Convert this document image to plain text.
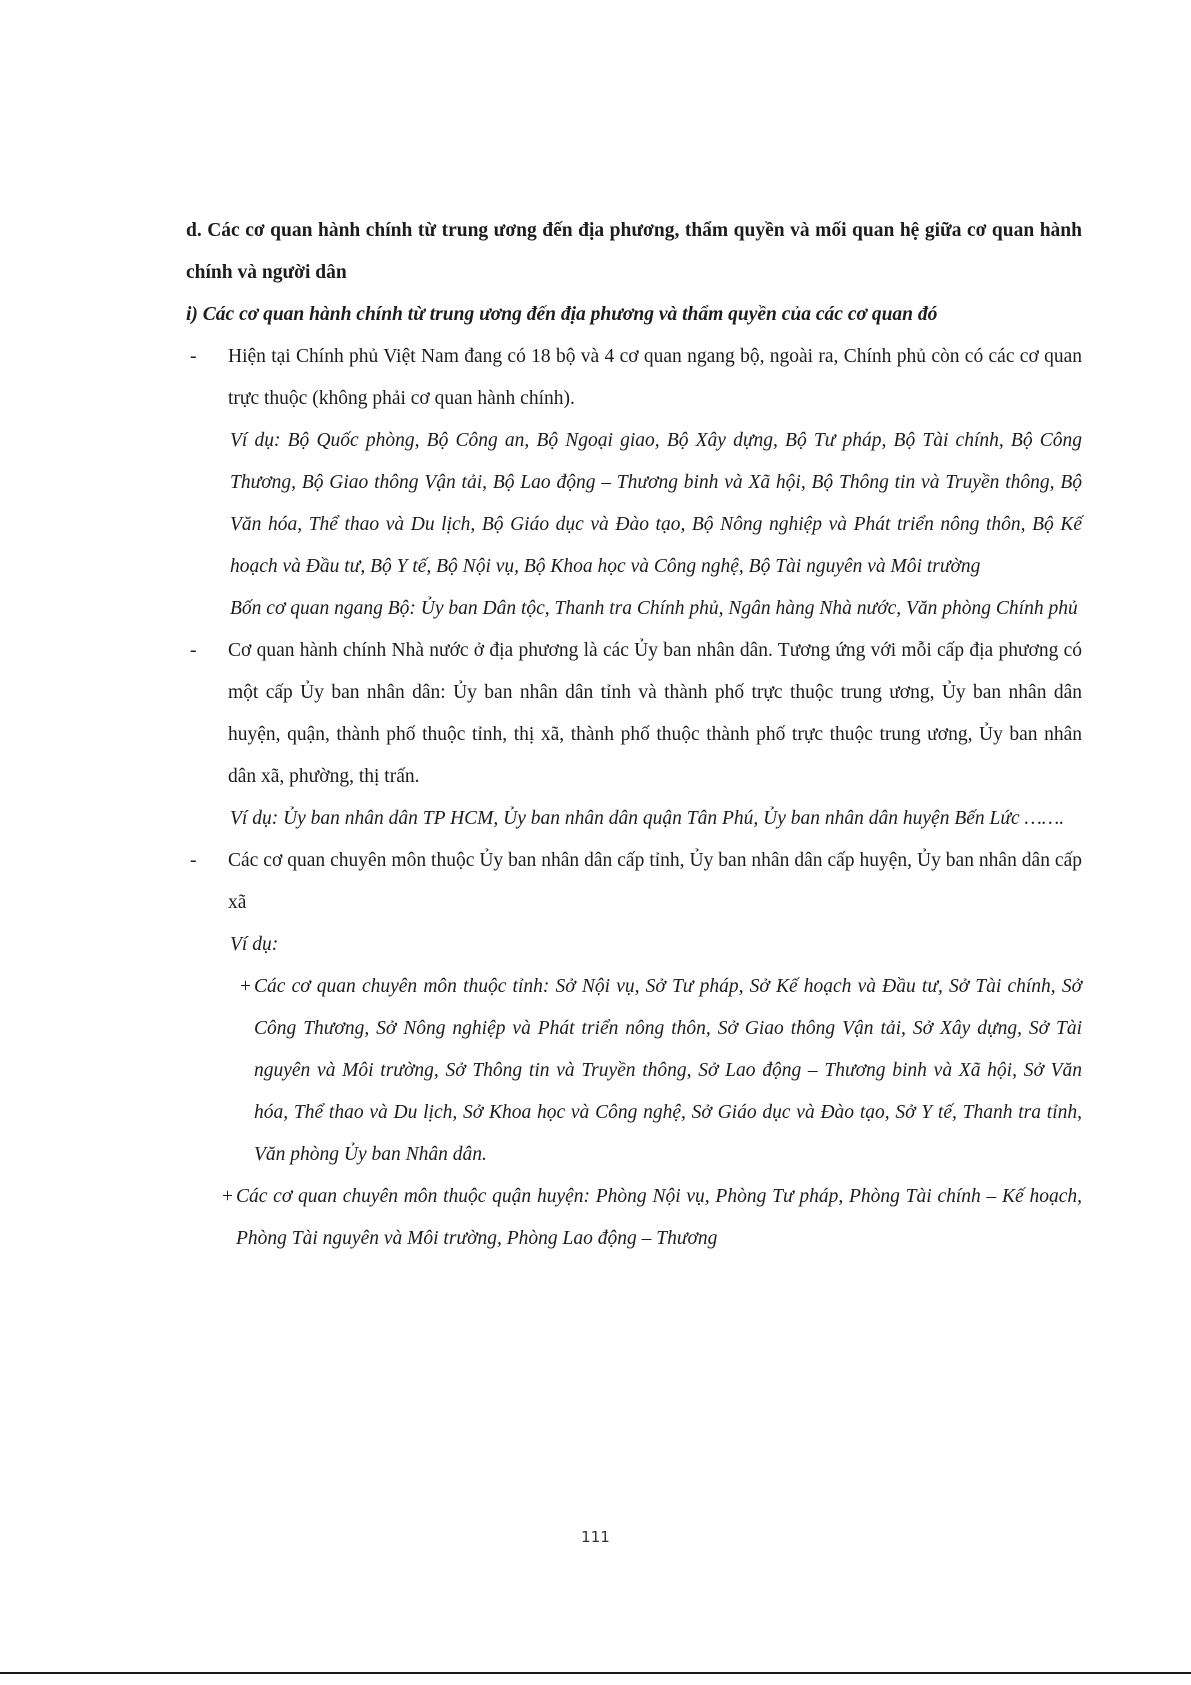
d. Các cơ quan hành chính từ trung ương đến địa phương, thẩm quyền và mối quan hệ giữa cơ quan hành chính và người dân

i) Các cơ quan hành chính từ trung ương đến địa phương và thẩm quyền của các cơ quan đó

- Hiện tại Chính phủ Việt Nam đang có 18 bộ và 4 cơ quan ngang bộ, ngoài ra, Chính phủ còn có các cơ quan trực thuộc (không phải cơ quan hành chính).

Ví dụ: Bộ Quốc phòng, Bộ Công an, Bộ Ngoại giao, Bộ Xây dựng, Bộ Tư pháp, Bộ Tài chính, Bộ Công Thương, Bộ Giao thông Vận tải, Bộ Lao động – Thương binh và Xã hội, Bộ Thông tin và Truyền thông, Bộ Văn hóa, Thể thao và Du lịch, Bộ Giáo dục và Đào tạo, Bộ Nông nghiệp và Phát triển nông thôn, Bộ Kế hoạch và Đầu tư, Bộ Y tế, Bộ Nội vụ, Bộ Khoa học và Công nghệ, Bộ Tài nguyên và Môi trường

Bốn cơ quan ngang Bộ: Ủy ban Dân tộc, Thanh tra Chính phủ, Ngân hàng Nhà nước, Văn phòng Chính phủ

- Cơ quan hành chính Nhà nước ở địa phương là các Ủy ban nhân dân. Tương ứng với mỗi cấp địa phương có một cấp Ủy ban nhân dân: Ủy ban nhân dân tỉnh và thành phố trực thuộc trung ương, Ủy ban nhân dân huyện, quận, thành phố thuộc tỉnh, thị xã, thành phố thuộc thành phố trực thuộc trung ương, Ủy ban nhân dân xã, phường, thị trấn.

Ví dụ: Ủy ban nhân dân TP HCM, Ủy ban nhân dân quận Tân Phú, Ủy ban nhân dân huyện Bến Lức …….

- Các cơ quan chuyên môn thuộc Ủy ban nhân dân cấp tỉnh, Ủy ban nhân dân cấp huyện, Ủy ban nhân dân cấp xã

Ví dụ:

+ Các cơ quan chuyên môn thuộc tỉnh: Sở Nội vụ, Sở Tư pháp, Sở Kế hoạch và Đầu tư, Sở Tài chính, Sở Công Thương, Sở Nông nghiệp và Phát triển nông thôn, Sở Giao thông Vận tải, Sở Xây dựng, Sở Tài nguyên và Môi trường, Sở Thông tin và Truyền thông, Sở Lao động – Thương binh và Xã hội, Sở Văn hóa, Thể thao và Du lịch, Sở Khoa học và Công nghệ, Sở Giáo dục và Đào tạo, Sở Y tế, Thanh tra tỉnh, Văn phòng Ủy ban Nhân dân.

+ Các cơ quan chuyên môn thuộc quận huyện: Phòng Nội vụ, Phòng Tư pháp, Phòng Tài chính – Kế hoạch, Phòng Tài nguyên và Môi trường, Phòng Lao động – Thương

111
